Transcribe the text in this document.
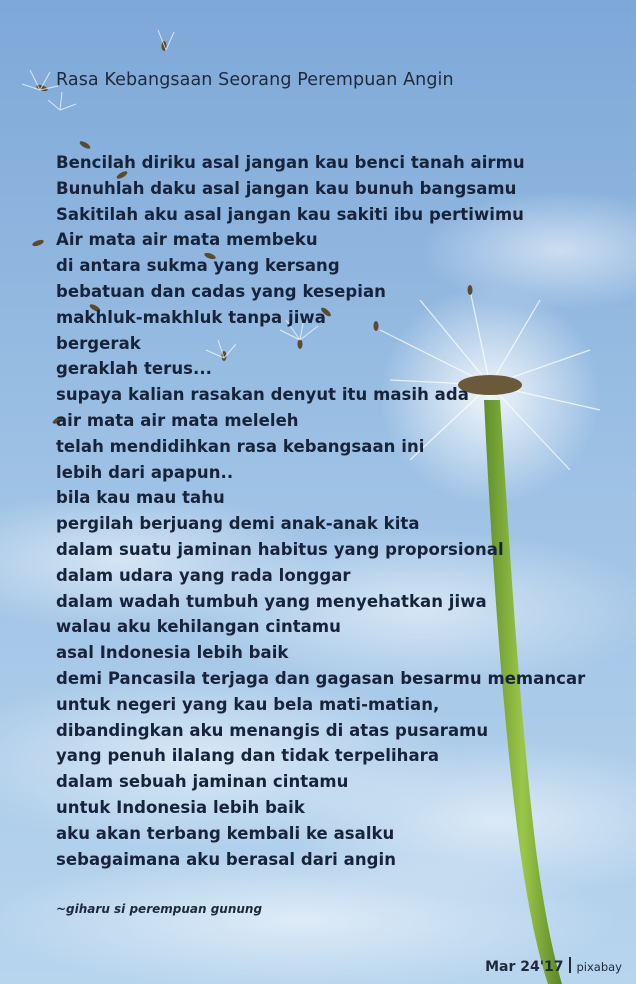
Rasa Kebangsaan Seorang Perempuan Angin
Bencilah diriku asal jangan kau benci tanah airmu
Bunuhlah daku asal jangan kau bunuh bangsamu
Sakitilah aku asal jangan kau sakiti ibu pertiwimu
Air mata air mata membeku
di antara sukma yang kersang
bebatuan dan cadas yang kesepian
makhluk-makhluk tanpa jiwa
bergerak
geraklah terus...
supaya kalian rasakan denyut itu masih ada
air mata air mata meleleh
telah mendidihkan rasa kebangsaan ini
lebih dari apapun..
bila kau mau tahu
pergilah berjuang demi anak-anak kita
dalam suatu jaminan habitus yang proporsional
dalam udara yang rada longgar
dalam wadah tumbuh yang menyehatkan jiwa
walau aku kehilangan cintamu
asal Indonesia lebih baik
demi Pancasila terjaga dan gagasan besarmu memancar
untuk negeri yang kau bela mati-matian,
dibandingkan aku menangis di atas pusaramu
yang penuh ilalang dan tidak terpelihara
dalam sebuah jaminan cintamu
untuk Indonesia lebih baik
aku akan terbang kembali ke asalku
sebagaimana aku berasal dari angin
~giharu si perempuan gunung
Mar 24'17 pixabay
